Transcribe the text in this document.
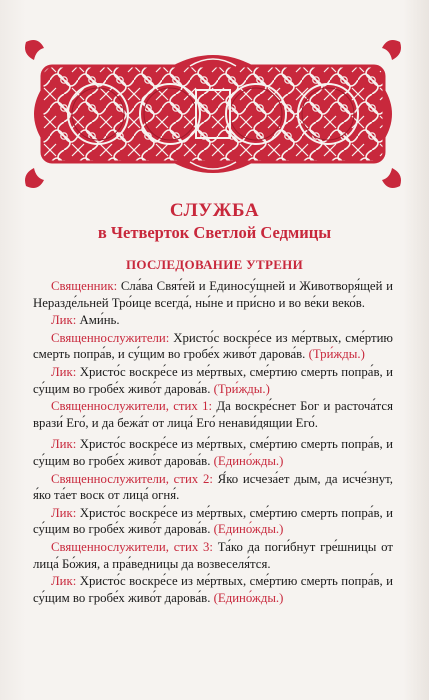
СЛУЖБА
в Четверток Светлой Седмицы
ПОСЛЕДОВАНИЕ УТРЕНИ

Священник: Сла́ва Свят́ей и Единосу́щней и Животворя́щей и Неразде́льней Тро́ице всегда́, ны́не и при́сно и во ве́ки веко́в.

Лик: Ами́нь.

Священнослужители: Христо́с воскре́се из ме́ртвых, сме́ртию смерть попра́в, и су́щим во гробе́х живо́т дарова́в. (Три́жды.)

Лик: Христо́с воскре́се из ме́ртвых, сме́ртию смерть попра́в, и су́щим во гробе́х живо́т дарова́в. (Три́жды.)

Священнослужители, стих 1: Да воскре́снет Бог и расточа́тся врази́ Его́, и да бежа́т от лица́ Его́ ненави́дящии Его́.

Лик: Христо́с воскре́се из ме́ртвых, сме́ртию смерть попра́в, и су́щим во гробе́х живо́т дарова́в. (Едино́жды.)

Священнослужители, стих 2: Я́ко исчеза́ет дым, да исче́знут, я́ко та́ет воск от лица́ огня́.

Лик: Христо́с воскре́се из ме́ртвых, сме́ртию смерть попра́в, и су́щим во гробе́х живо́т дарова́в. (Едино́жды.)

Священнослужители, стих 3: Та́ко да поги́бнут гре́шницы от лица́ Бо́жия, а пра́ведницы да возвеселя́тся.

Лик: Христо́с воскре́се из ме́ртвых, сме́ртию смерть попра́в, и су́щим во гробе́х живо́т дарова́в. (Едино́жды.)
